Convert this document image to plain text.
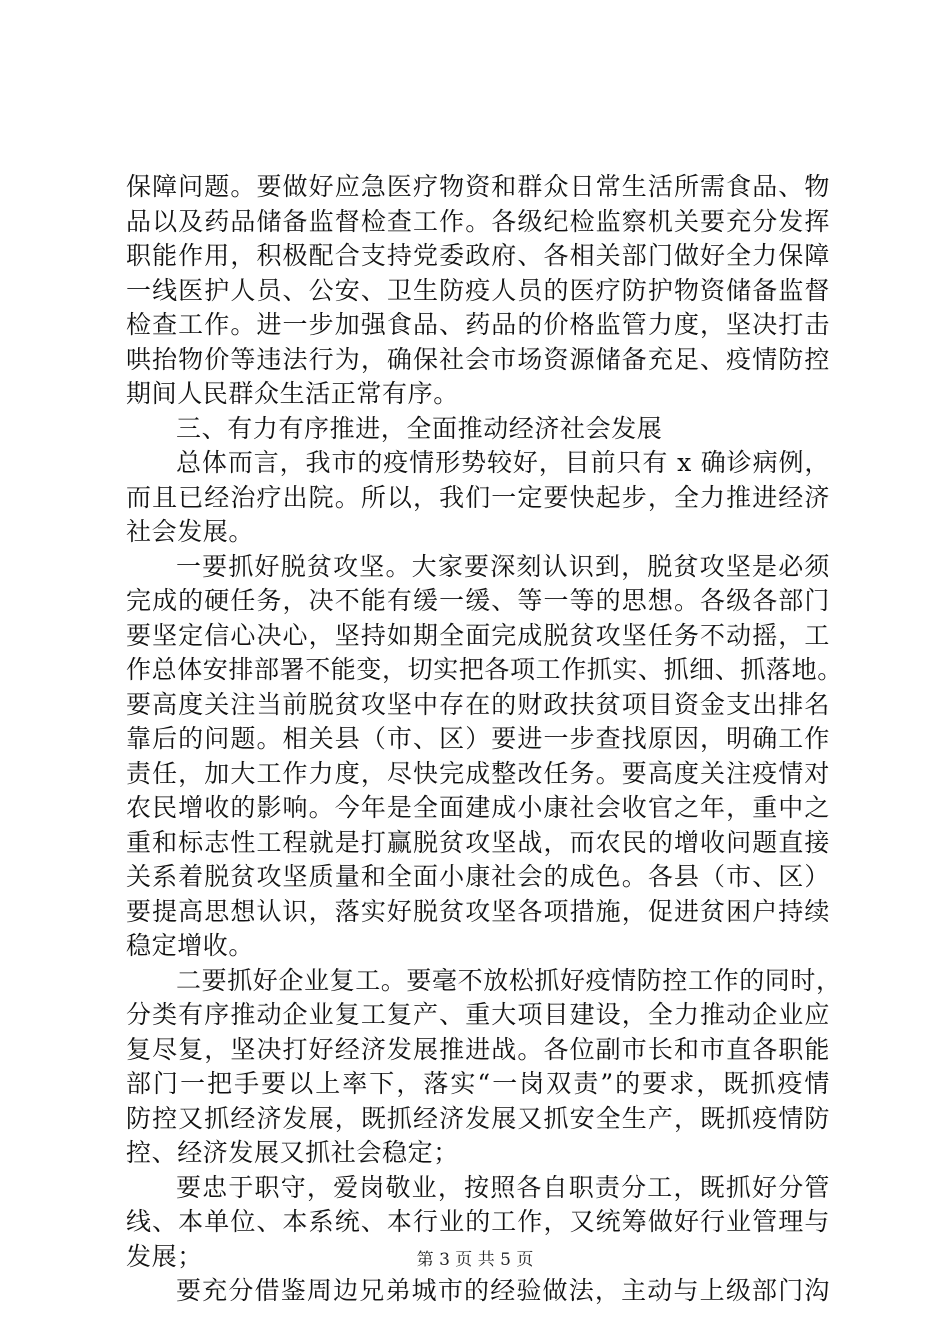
保障问题。要做好应急医疗物资和群众日常生活所需食品、物
品以及药品储备监督检查工作。各级纪检监察机关要充分发挥
职能作用，积极配合支持党委政府、各相关部门做好全力保障
一线医护人员、公安、卫生防疫人员的医疗防护物资储备监督
检查工作。进一步加强食品、药品的价格监管力度，坚决打击
哄抬物价等违法行为，确保社会市场资源储备充足、疫情防控
期间人民群众生活正常有序。
三、有力有序推进，全面推动经济社会发展
总体而言，我市的疫情形势较好，目前只有 x 确诊病例，
而且已经治疗出院。所以，我们一定要快起步，全力推进经济
社会发展。
一要抓好脱贫攻坚。大家要深刻认识到，脱贫攻坚是必须
完成的硬任务，决不能有缓一缓、等一等的思想。各级各部门
要坚定信心决心，坚持如期全面完成脱贫攻坚任务不动摇，工
作总体安排部署不能变，切实把各项工作抓实、抓细、抓落地。
要高度关注当前脱贫攻坚中存在的财政扶贫项目资金支出排名
靠后的问题。相关县（市、区）要进一步查找原因，明确工作
责任，加大工作力度，尽快完成整改任务。要高度关注疫情对
农民增收的影响。今年是全面建成小康社会收官之年，重中之
重和标志性工程就是打赢脱贫攻坚战，而农民的增收问题直接
关系着脱贫攻坚质量和全面小康社会的成色。各县（市、区）
要提高思想认识，落实好脱贫攻坚各项措施，促进贫困户持续
稳定增收。
二要抓好企业复工。要毫不放松抓好疫情防控工作的同时，
分类有序推动企业复工复产、重大项目建设，全力推动企业应
复尽复，坚决打好经济发展推进战。各位副市长和市直各职能
部门一把手要以上率下，落实“一岗双责”的要求，既抓疫情
防控又抓经济发展，既抓经济发展又抓安全生产，既抓疫情防
控、经济发展又抓社会稳定；
要忠于职守，爱岗敬业，按照各自职责分工，既抓好分管
线、本单位、本系统、本行业的工作，又统筹做好行业管理与
发展；
要充分借鉴周边兄弟城市的经验做法，主动与上级部门沟
第 3 页 共 5 页
